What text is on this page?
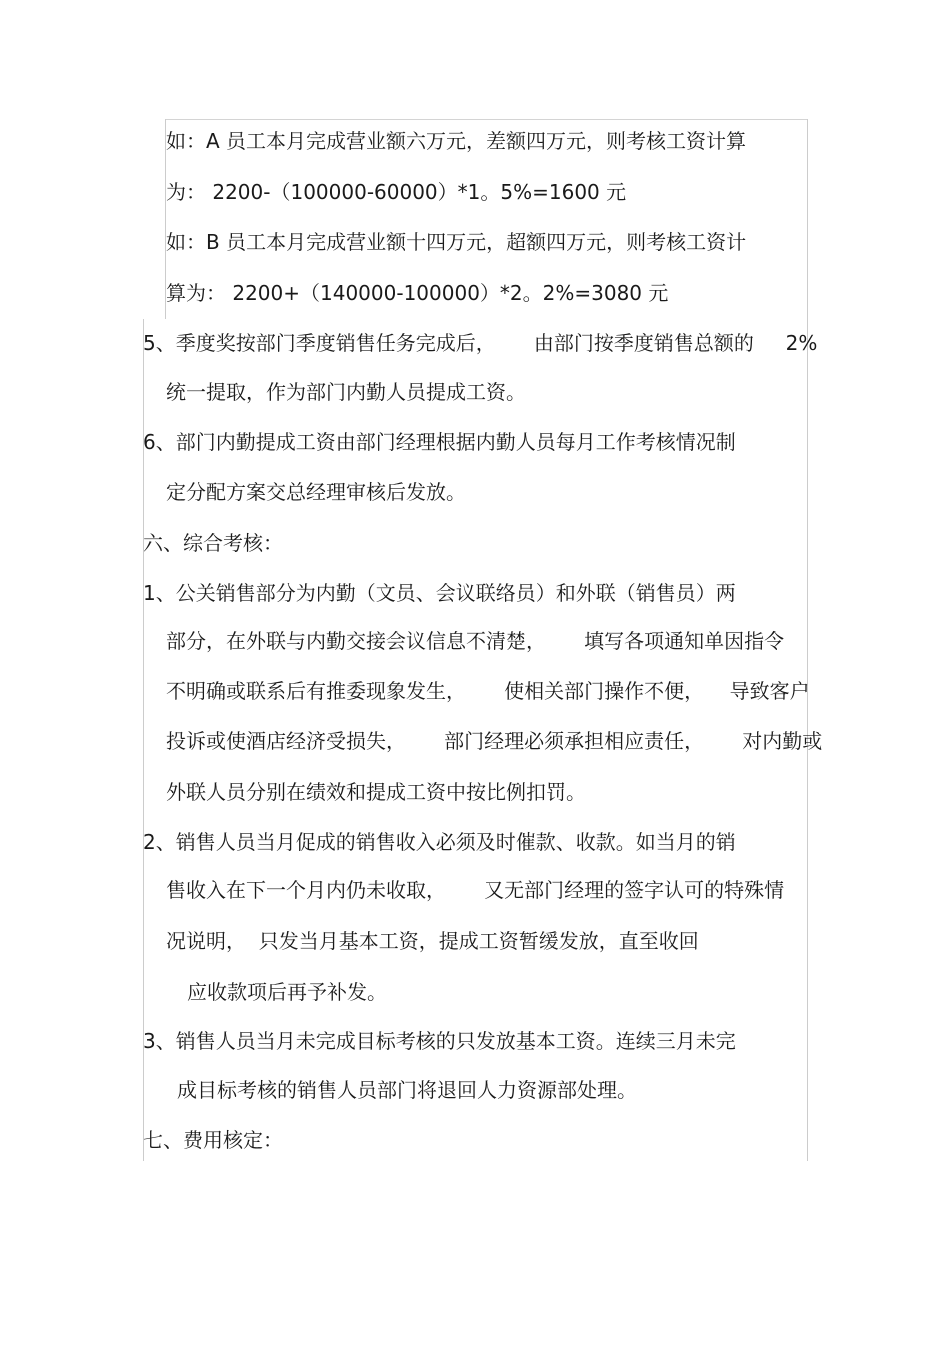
如：A 员工本月完成营业额六万元，差额四万元，则考核工资计算
为： 2200-（100000-60000）*1。5%=1600 元
如：B 员工本月完成营业额十四万元，超额四万元，则考核工资计
算为： 2200+（140000-100000）*2。2%=3080 元
5、季度奖按部门季度销售任务完成后，      由部门按季度销售总额的     2%
统一提取，作为部门内勤人员提成工资。
6、部门内勤提成工资由部门经理根据内勤人员每月工作考核情况制
定分配方案交总经理审核后发放。
六、综合考核：
1、公关销售部分为内勤（文员、会议联络员）和外联（销售员）两
部分，在外联与内勤交接会议信息不清楚，      填写各项通知单因指令
不明确或联系后有推委现象发生，      使相关部门操作不便，    导致客户
投诉或使酒店经济受损失，      部门经理必须承担相应责任，      对内勤或
外联人员分别在绩效和提成工资中按比例扣罚。
2、销售人员当月促成的销售收入必须及时催款、收款。如当月的销
售收入在下一个月内仍未收取，      又无部门经理的签字认可的特殊情
况说明，  只发当月基本工资，提成工资暂缓发放，直至收回
应收款项后再予补发。
3、销售人员当月未完成目标考核的只发放基本工资。连续三月未完
成目标考核的销售人员部门将退回人力资源部处理。
七、费用核定：
